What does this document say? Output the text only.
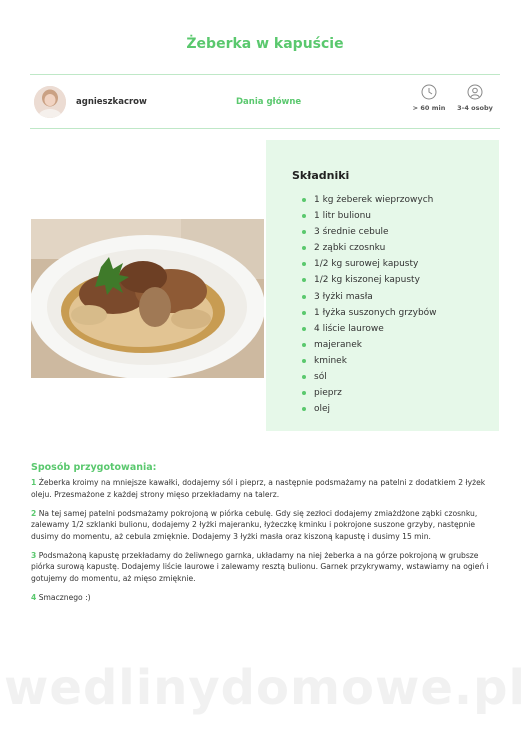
Żeberka w kapuście
agnieszkacrow	Dania główne
> 60 min	3-4 osoby
Składniki
1 kg żeberek wieprzowych
1 litr bulionu
3 średnie cebule
2 ząbki czosnku
1/2 kg surowej kapusty
1/2 kg kiszonej kapusty
3 łyżki masła
1 łyżka suszonych grzybów
4 liście laurowe
majeranek
kminek
sól
pieprz
olej
Sposób przygotowania:

1 Żeberka kroimy na mniejsze kawałki, dodajemy sól i pieprz, a następnie podsmażamy na patelni z dodatkiem 2 łyżek oleju. Przesmażone z każdej strony mięso przekładamy na talerz.

2 Na tej samej patelni podsmażamy pokrojoną w piórka cebulę. Gdy się zezłoci dodajemy zmiażdżone ząbki czosnku, zalewamy 1/2 szklanki bulionu, dodajemy 2 łyżki majeranku, łyżeczkę kminku i pokrojone suszone grzyby, następnie dusimy do momentu, aż cebula zmięknie. Dodajemy 3 łyżki masła oraz kiszoną kapustę i dusimy 15 min.

3 Podsmażoną kapustę przekładamy do żeliwnego garnka, układamy na niej żeberka a na górze pokrojoną w grubsze piórka surową kapustę. Dodajemy liście laurowe i zalewamy resztą bulionu. Garnek przykrywamy, wstawiamy na ogień i gotujemy do momentu, aż mięso zmięknie.

4 Smacznego :)

wedlinydomowe.pl
